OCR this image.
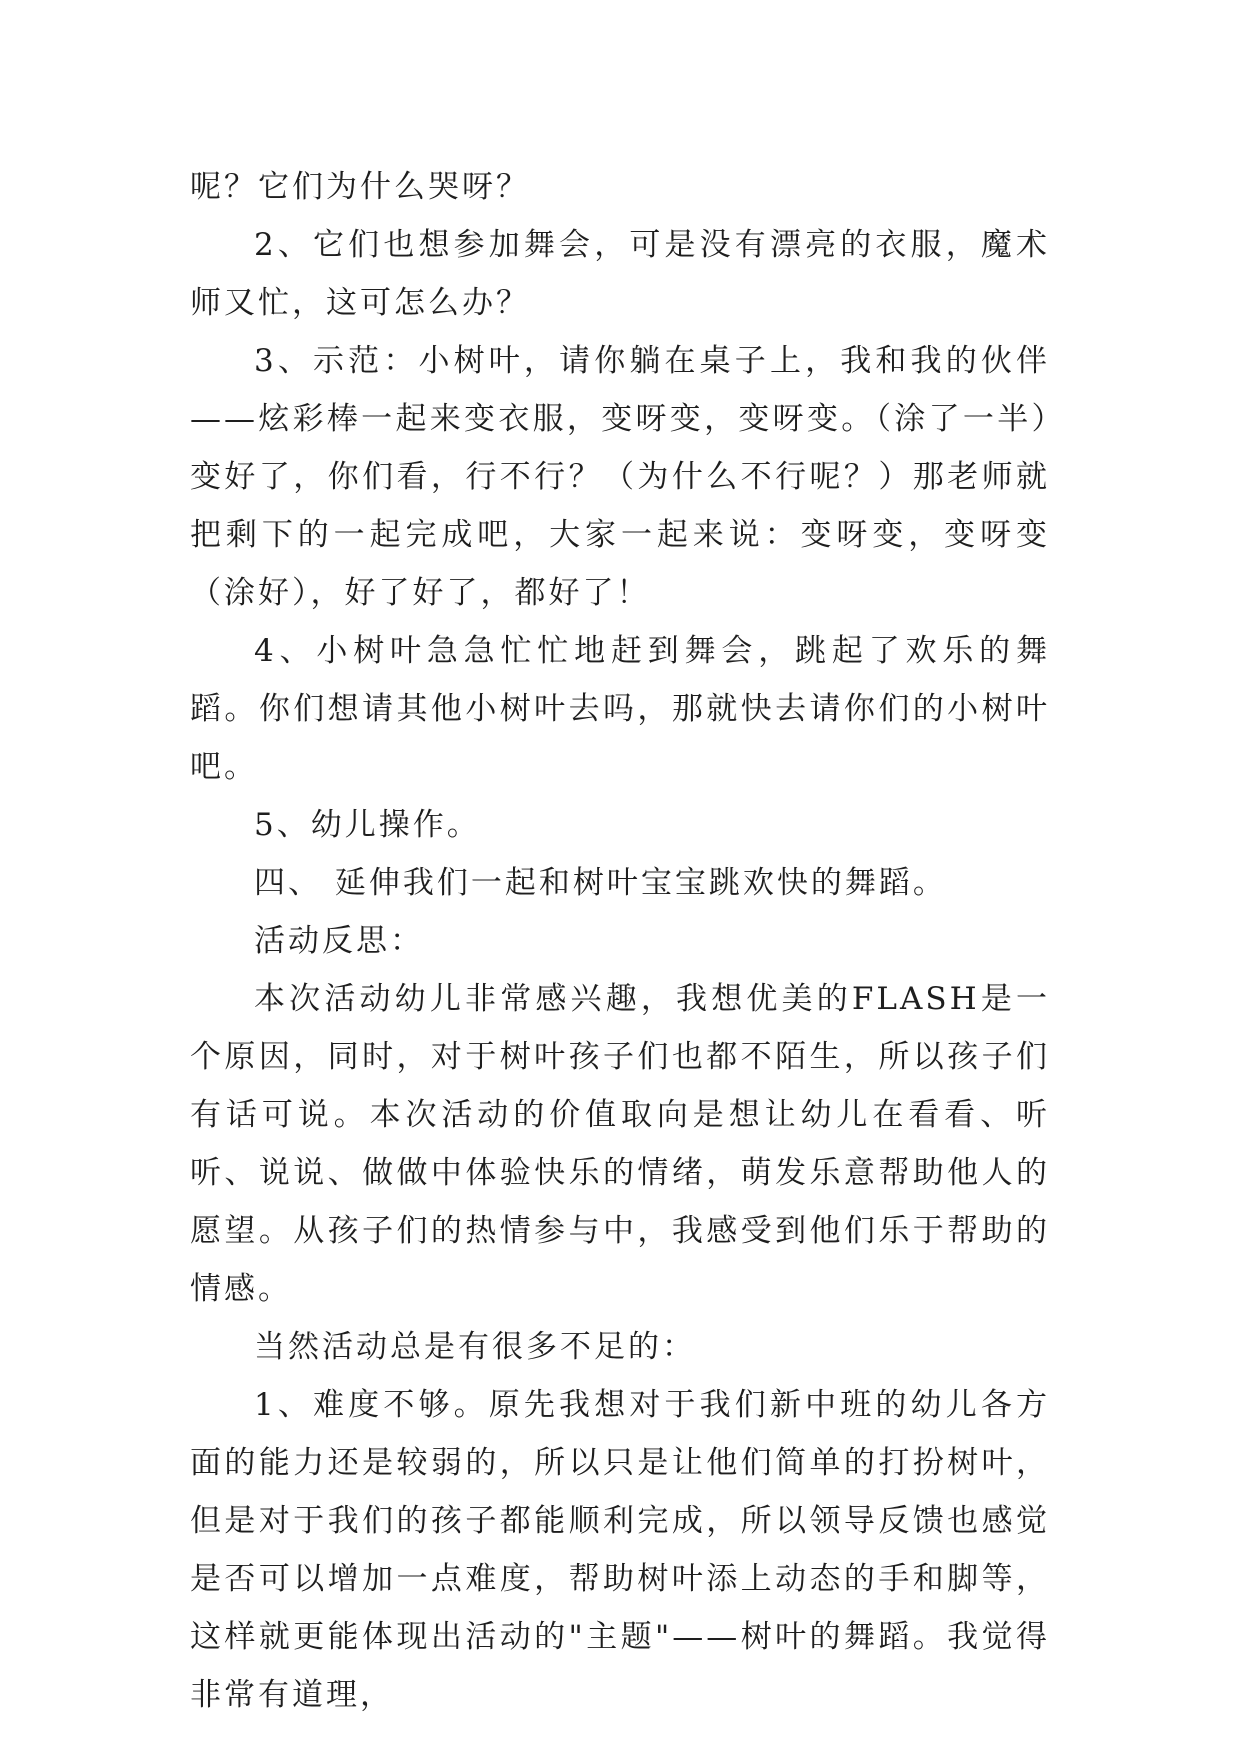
呢？它们为什么哭呀？

2、它们也想参加舞会，可是没有漂亮的衣服，魔术师又忙，这可怎么办？

3、示范：小树叶，请你躺在桌子上，我和我的伙伴——炫彩棒一起来变衣服，变呀变，变呀变。（涂了一半）变好了，你们看，行不行？（为什么不行呢？）那老师就把剩下的一起完成吧，大家一起来说：变呀变，变呀变（涂好），好了好了，都好了！

4、小树叶急急忙忙地赶到舞会，跳起了欢乐的舞蹈。你们想请其他小树叶去吗，那就快去请你们的小树叶吧。

5、幼儿操作。

四、 延伸我们一起和树叶宝宝跳欢快的舞蹈。

活动反思：

本次活动幼儿非常感兴趣，我想优美的FLASH是一个原因，同时，对于树叶孩子们也都不陌生，所以孩子们有话可说。本次活动的价值取向是想让幼儿在看看、听听、说说、做做中体验快乐的情绪，萌发乐意帮助他人的愿望。从孩子们的热情参与中，我感受到他们乐于帮助的情感。

当然活动总是有很多不足的：

1、难度不够。原先我想对于我们新中班的幼儿各方面的能力还是较弱的，所以只是让他们简单的打扮树叶，但是对于我们的孩子都能顺利完成，所以领导反馈也感觉是否可以增加一点难度，帮助树叶添上动态的手和脚等，这样就更能体现出活动的"主题"——树叶的舞蹈。我觉得非常有道理，
